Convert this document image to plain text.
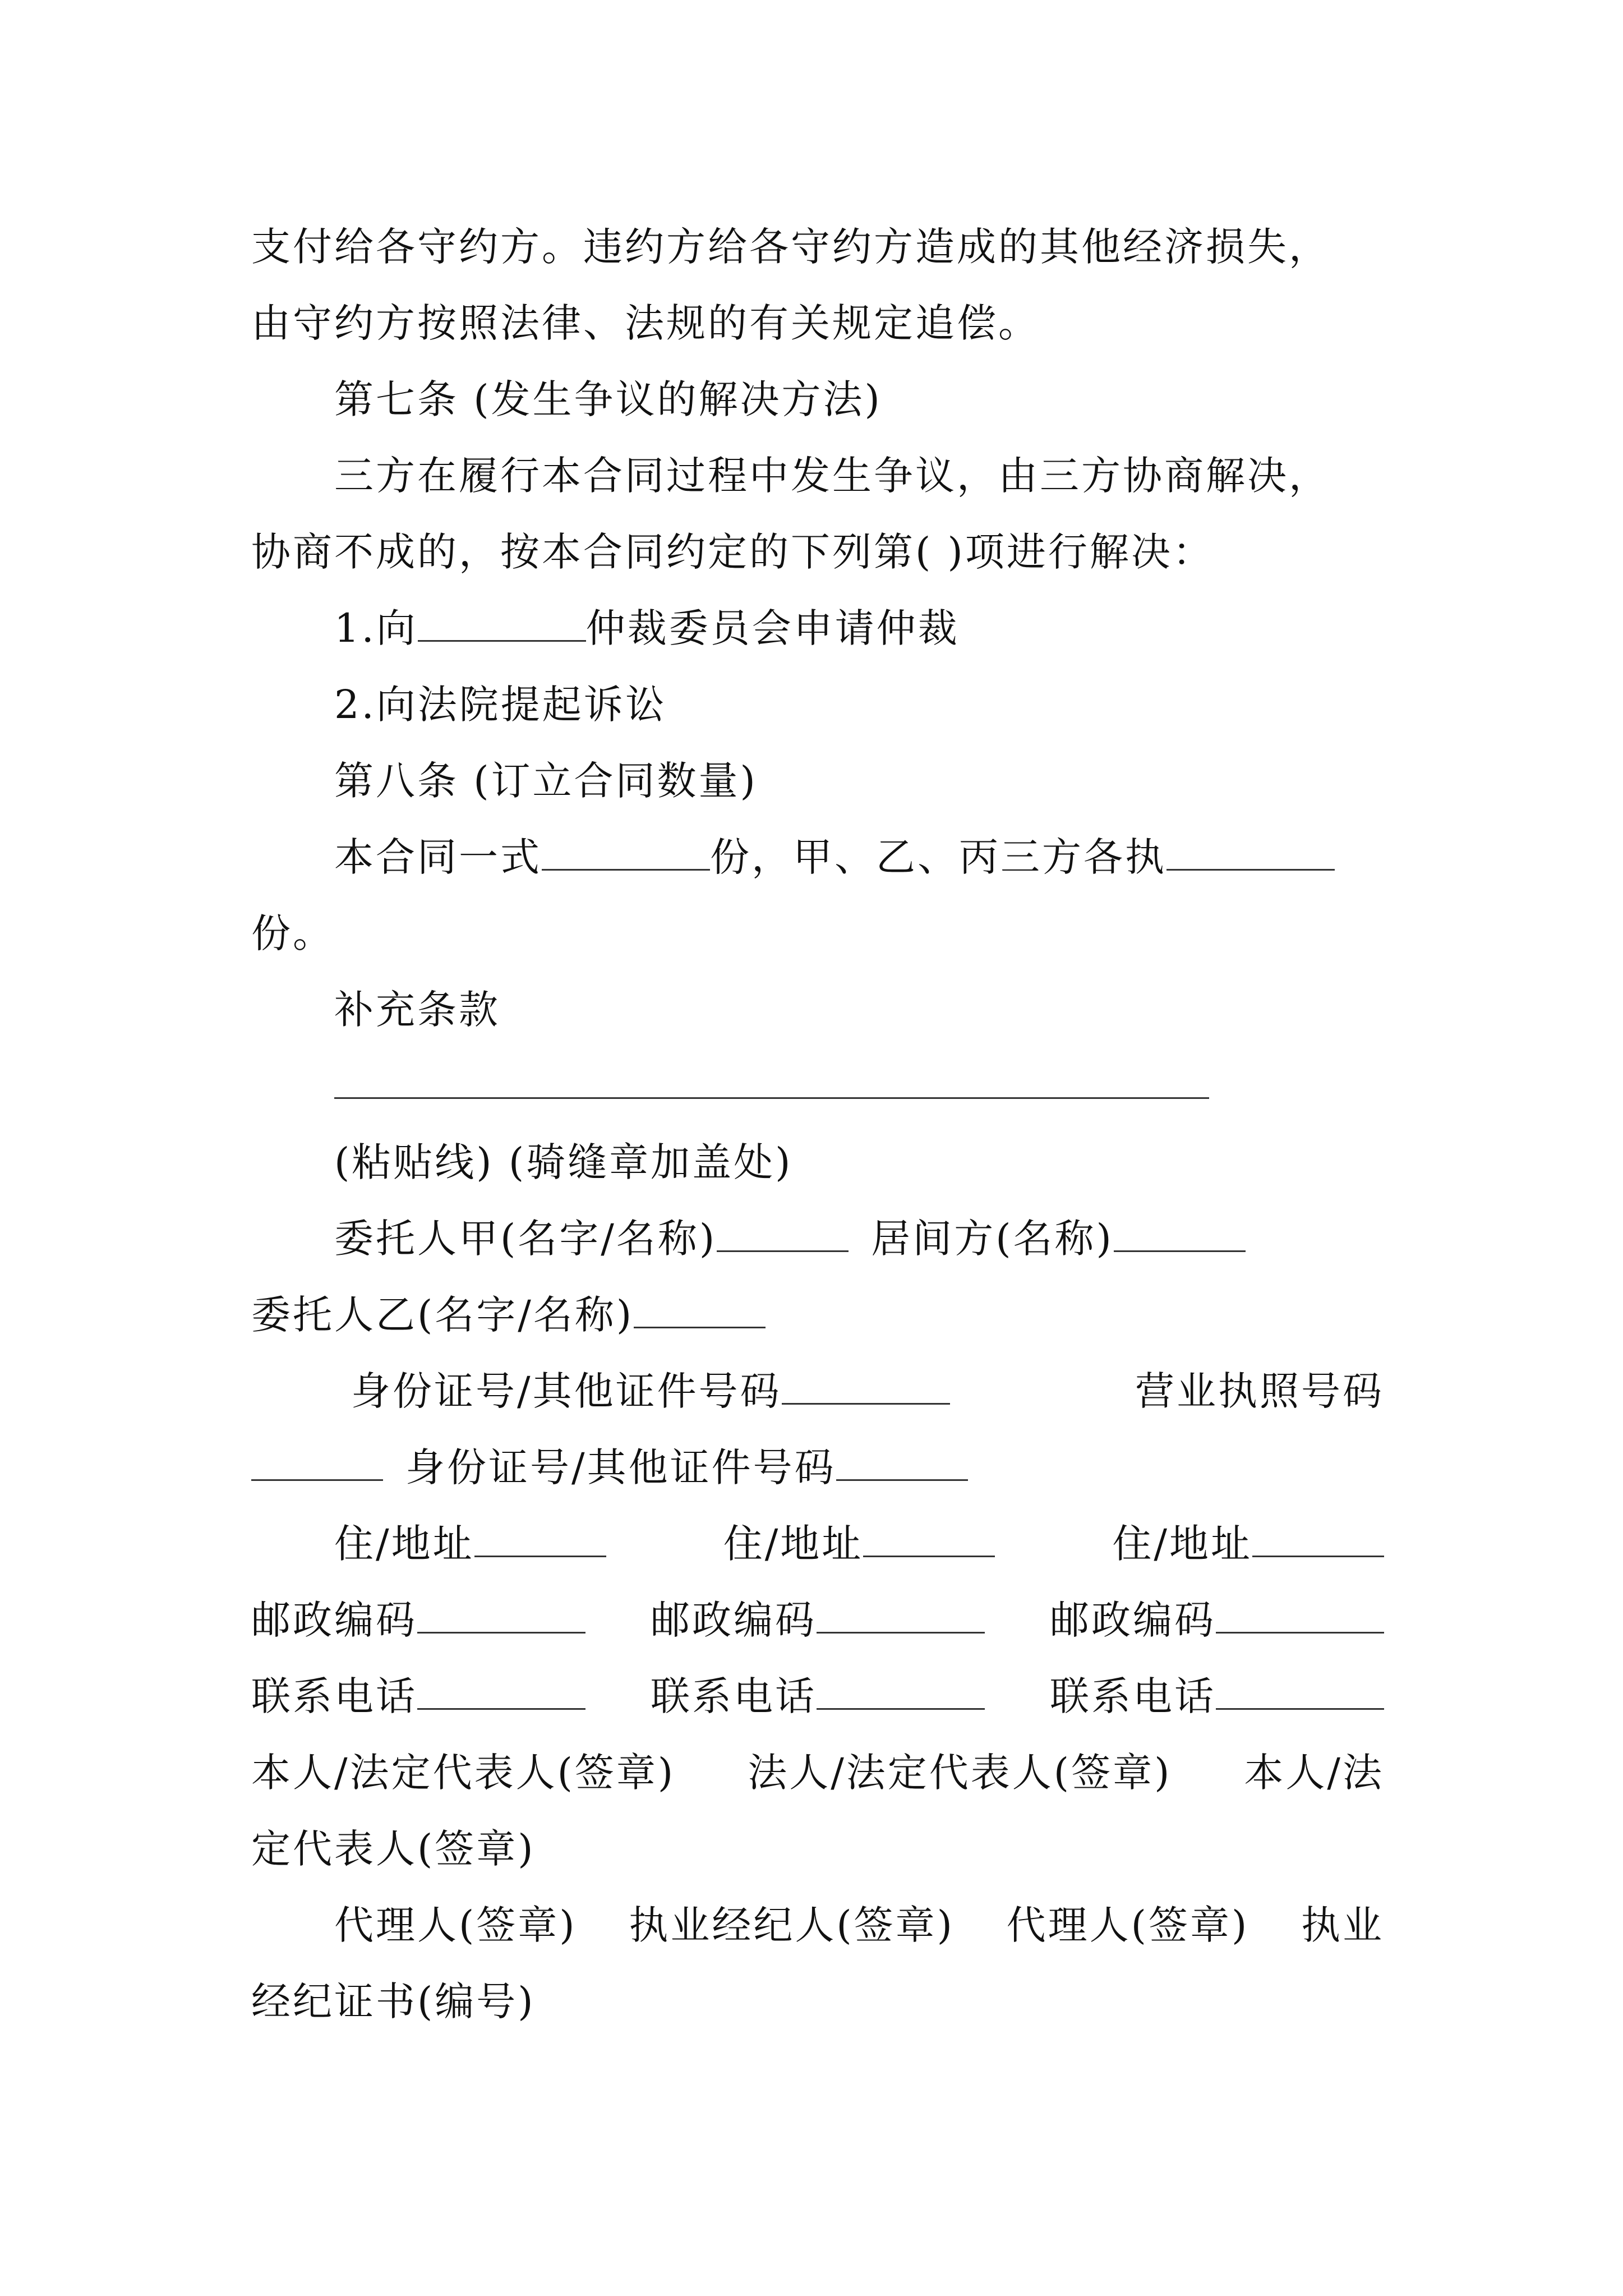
支付给各守约方。违约方给各守约方造成的其他经济损失，
由守约方按照法律、法规的有关规定追偿。
第七条 (发生争议的解决方法)
三方在履行本合同过程中发生争议，由三方协商解决，
协商不成的，按本合同约定的下列第( )项进行解决：
1.向	仲裁委员会申请仲裁
2.向法院提起诉讼
第八条 (订立合同数量)
本合同一式	份，甲、乙、丙三方各执
份。
补充条款
(粘贴线) (骑缝章加盖处)
委托人甲(名字/名称)	居间方(名称)
委托人乙(名字/名称)
身份证号/其他证件号码	营业执照号码
身份证号/其他证件号码
住/地址	住/地址	住/地址
邮政编码	邮政编码	邮政编码
联系电话	联系电话	联系电话
本人/法定代表人(签章) 法人/法定代表人(签章) 本人/法
定代表人(签章)
代理人(签章) 执业经纪人(签章) 代理人(签章) 执业
经纪证书(编号)
